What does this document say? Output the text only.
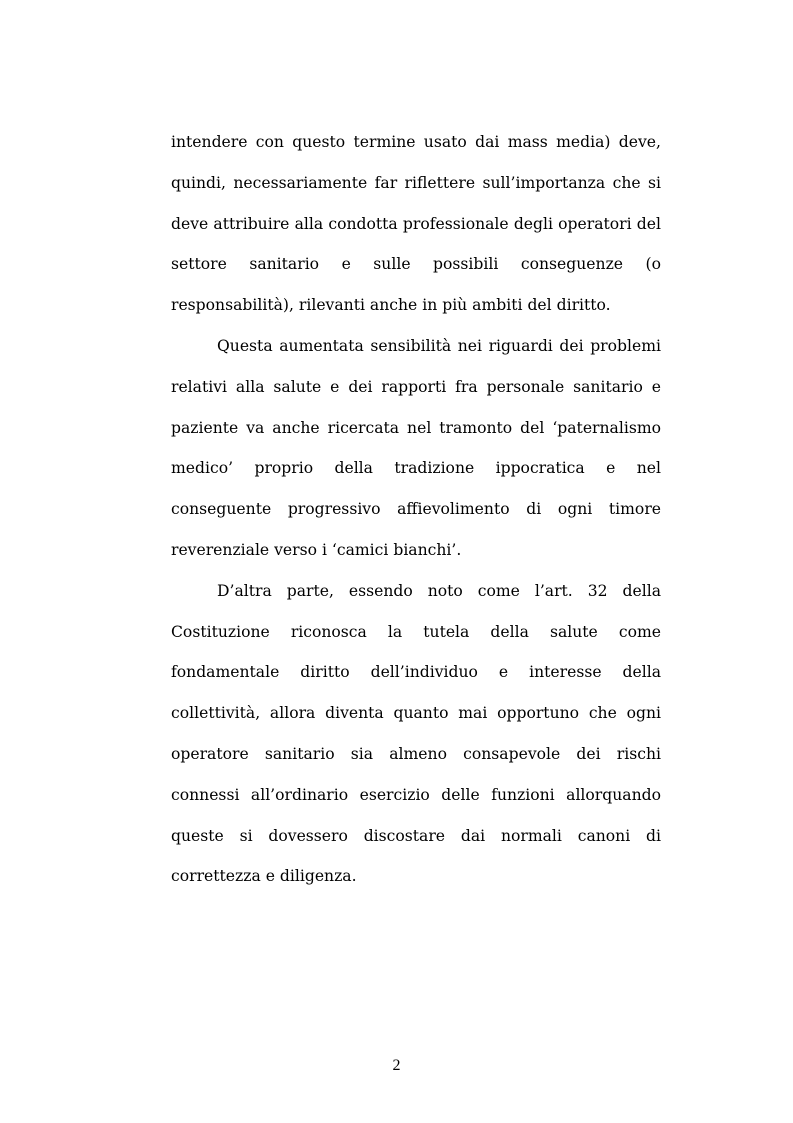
intendere con questo termine usato dai mass media) deve, quindi, necessariamente far riflettere sull’importanza che si deve attribuire alla condotta professionale degli operatori del settore sanitario e sulle possibili conseguenze (o responsabilità), rilevanti anche in più ambiti del diritto.

Questa aumentata sensibilità nei riguardi dei problemi relativi alla salute e dei rapporti fra personale sanitario e paziente va anche ricercata nel tramonto del ‘paternalismo medico’ proprio della tradizione ippocratica e nel conseguente progressivo affievolimento di ogni timore reverenziale verso i ‘camici bianchi’.

D’altra parte, essendo noto come l’art. 32 della Costituzione riconosca la tutela della salute come fondamentale diritto dell’individuo e interesse della collettività, allora diventa quanto mai opportuno che ogni operatore sanitario sia almeno consapevole dei rischi connessi all’ordinario esercizio delle funzioni allorquando queste si dovessero discostare dai normali canoni di correttezza e diligenza.

2
